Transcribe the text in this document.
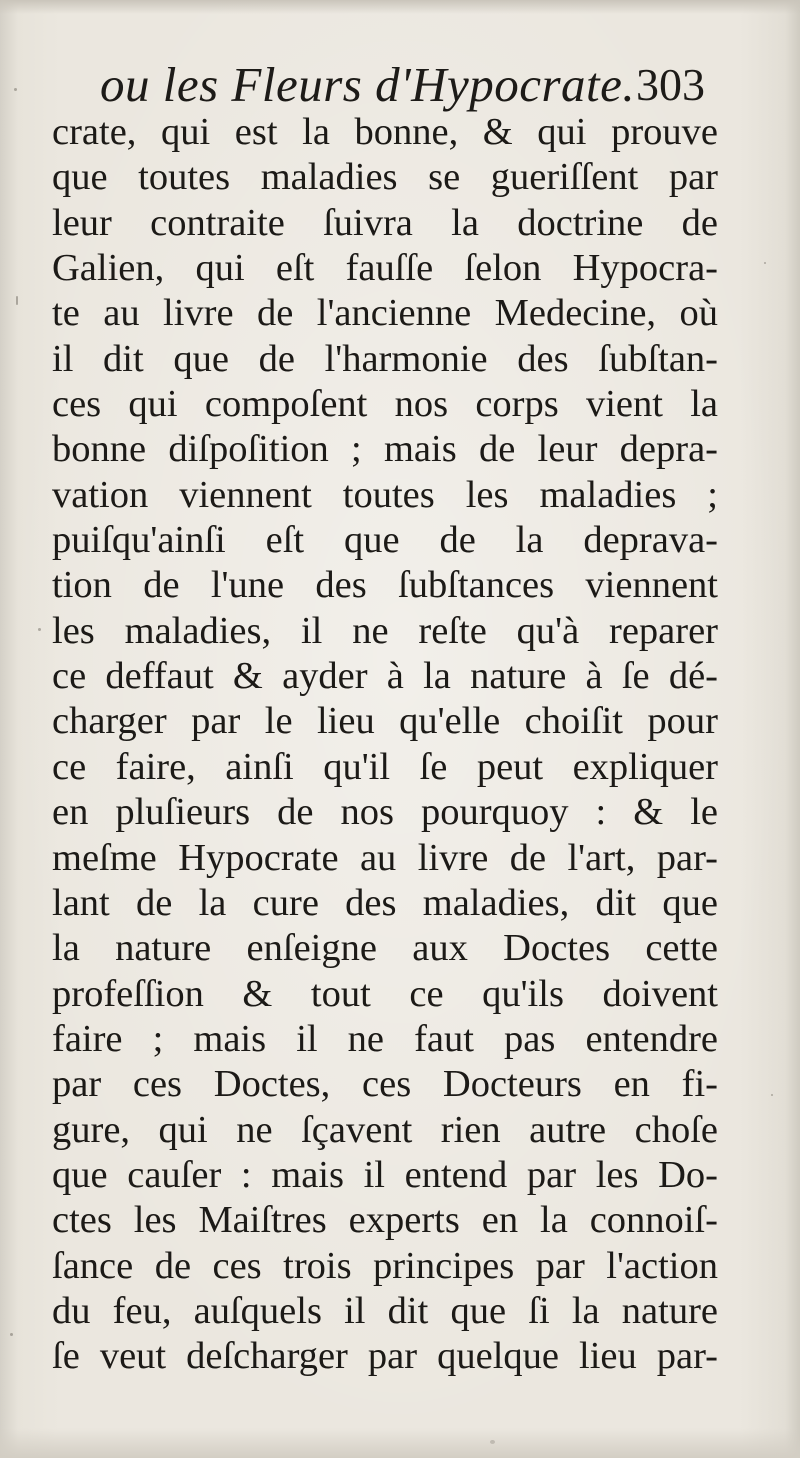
ou les Fleurs d'Hypocrate. 303
crate, qui est la bonne, & qui prouve
que toutes maladies se gueriſſent par
leur contraite ſuivra la doctrine de
Galien, qui eſt fauſſe ſelon Hypocra-
te au livre de l'ancienne Medecine, où
il dit que de l'harmonie des ſubſtan-
ces qui compoſent nos corps vient la
bonne diſpoſition ; mais de leur depra-
vation viennent toutes les maladies ;
puiſqu'ainſi eſt que de la deprava-
tion de l'une des ſubſtances viennent
les maladies, il ne reſte qu'à reparer
ce deffaut & ayder à la nature à ſe dé-
charger par le lieu qu'elle choiſit pour
ce faire, ainſi qu'il ſe peut expliquer
en pluſieurs de nos pourquoy : & le
meſme Hypocrate au livre de l'art, par-
lant de la cure des maladies, dit que
la nature enſeigne aux Doctes cette
profeſſion & tout ce qu'ils doivent
faire ; mais il ne faut pas entendre
par ces Doctes, ces Docteurs en fi-
gure, qui ne ſçavent rien autre choſe
que cauſer : mais il entend par les Do-
ctes les Maiſtres experts en la connoiſ-
ſance de ces trois principes par l'action
du feu, auſquels il dit que ſi la nature
ſe veut deſcharger par quelque lieu par-
